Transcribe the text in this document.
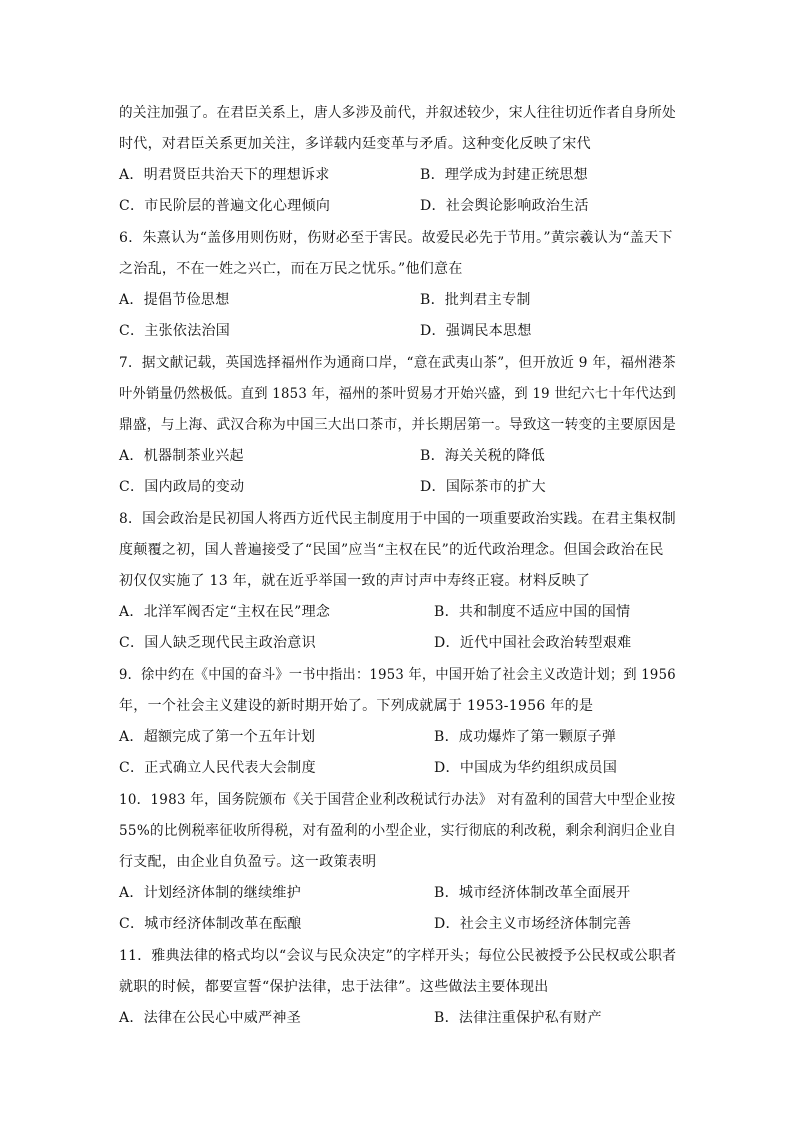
的关注加强了。在君臣关系上，唐人多涉及前代，并叙述较少，宋人往往切近作者自身所处
时代，对君臣关系更加关注，多详载内廷变革与矛盾。这种变化反映了宋代
A．明君贤臣共治天下的理想诉求	B．理学成为封建正统思想
C．市民阶层的普遍文化心理倾向	D．社会舆论影响政治生活
6．朱熹认为“盖侈用则伤财，伤财必至于害民。故爱民必先于节用。”黄宗羲认为“盖天下
之治乱，不在一姓之兴亡，而在万民之忧乐。”他们意在
A．提倡节俭思想	B．批判君主专制
C．主张依法治国	D．强调民本思想
7．据文献记载，英国选择福州作为通商口岸，“意在武夷山茶”，但开放近 9 年，福州港茶
叶外销量仍然极低。直到 1853 年，福州的茶叶贸易才开始兴盛，到 19 世纪六七十年代达到
鼎盛，与上海、武汉合称为中国三大出口茶市，并长期居第一。导致这一转变的主要原因是
A．机器制茶业兴起	B．海关关税的降低
C．国内政局的变动	D．国际茶市的扩大
8．国会政治是民初国人将西方近代民主制度用于中国的一项重要政治实践。在君主集权制
度颠覆之初，国人普遍接受了“民国”应当“主权在民”的近代政治理念。但国会政治在民
初仅仅实施了 13 年，就在近乎举国一致的声讨声中寿终正寝。材料反映了
A．北洋军阀否定“主权在民”理念	B．共和制度不适应中国的国情
C．国人缺乏现代民主政治意识	D．近代中国社会政治转型艰难
9．徐中约在《中国的奋斗》一书中指出：1953 年，中国开始了社会主义改造计划；到 1956
年，一个社会主义建设的新时期开始了。下列成就属于 1953-1956 年的是
A．超额完成了第一个五年计划	B．成功爆炸了第一颗原子弹
C．正式确立人民代表大会制度	D．中国成为华约组织成员国
10．1983 年，国务院颁布《关于国营企业利改税试行办法》 对有盈利的国营大中型企业按
55%的比例税率征收所得税，对有盈利的小型企业，实行彻底的利改税，剩余利润归企业自
行支配，由企业自负盈亏。这一政策表明
A．计划经济体制的继续维护	B．城市经济体制改革全面展开
C．城市经济体制改革在酝酿	D．社会主义市场经济体制完善
11．雅典法律的格式均以“会议与民众决定”的字样开头；每位公民被授予公民权或公职者
就职的时候，都要宣誓“保护法律，忠于法律”。这些做法主要体现出
A．法律在公民心中威严神圣	B．法律注重保护私有财产
